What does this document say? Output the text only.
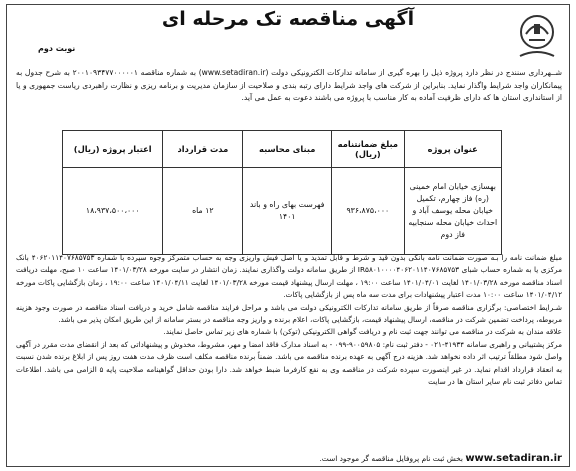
آگهی مناقصه تک مرحله ای
نوبت دوم
شــهرداری سنندج در نظر دارد پروژه ذیل را بهره گیری از سامانه تدارکات الکترونیکی دولت (www.setadiran.ir) به شماره مناقصه ۲۰۰۱۰۹۳۴۷۷۰۰۰۰۰۱ به شرح جدول به پیمانکاران واجد شرایط واگذار نماید. بنابراین از شرکت های واجد شرایط دارای رتبه بندی و صلاحیت از سازمان مدیریت و برنامه ریزی و نظارت راهبردی ریاست جمهوری و یا از استانداری استان ها که دارای ظرفیت آماده به کار مناسب با پروژه می باشند دعوت به عمل می آید.
عنوان پروژه	مبلغ ضمانتنامه (ریال)	مبنای محاسبه	مدت قرارداد	اعتبار پروژه (ریال)
بهسازی خیابان امام خمینی (ره) فاز چهارم، تکمیل خیابان محله یوسف آباد و احداث خیابان محله سنجابیه فاز دوم	۹۳۶،۸۷۵،۰۰۰	فهرست بهای راه و باند ۱۴۰۱	۱۲ ماه	۱۸،۹۳۷،۵۰۰،۰۰۰

مبلغ ضمانت نامه را بـه صورت ضمانت نامه بانکی بدون قید و شرط و قابل تمدید و یا اصل فیش واریزی وجه به حساب متمرکز وجوه سپرده با شماره ۴۰۶۲۰۱۱۴۰۷۶۸۵۷۵۳ بانک مرکزی یا به شماره حساب شبای IR۵۸۰۱۰۰۰۰۴۰۶۲۰۱۱۴۰۷۶۸۵۷۵۳ از طریق سامانه دولت واگذاری نمایند. زمان انتشار در سایت مورخه ۱۴۰۱/۰۳/۲۸ ساعت ۱۰ صبح، مهلت دریافت اسناد مناقصه مورخه ۱۴۰۱/۰۳/۲۸ لغایت ۱۴۰۱/۰۴/۰۱ ساعت ۱۹:۰۰ ، مهلت ارسال پیشنهاد قیمت مورخه ۱۴۰۱/۰۳/۲۸ لغایت ۱۴۰۱/۰۴/۱۱ ساعت ۱۹:۰۰ ، زمان بازگشایی پاکات مورخه ۱۴۰۱/۰۴/۱۲ ساعت ۱۰:۰۰ مدت اعتبار پیشنهادات برای مدت سه ماه پس از بازگشایی پاکات.

شـرایط اختصاصی: برگزاری مناقصه صرفاً از طریق سامانه تدارکات الکترونیکی دولت می باشد و مراحل فرایند مناقصه شامل خرید و دریافت اسناد مناقصه در صورت وجود هزینه مربوطه، پرداخت تضمین شرکت در مناقصه، ارسال پیشنهاد قیمت، بازگشایی پاکات، اعلام برنده و واریز وجه مناقصه در بستر سامانه از این طریق امکان پذیر می باشد.

علاقه مندان به شرکت در مناقصه می توانند جهت ثبت نام و دریافت گواهی الکترونیکی (توکن) با شماره های زیر تماس حاصل نمایند.

مرکز پشتیبانی و راهبری سامانه ۴۱۹۳۴-۰۲۱ - دفتر ثبت نام: ۹۰۰۵۹۸۰۵-۰۹۹ - به اسناد مدارک فاقد امضا و مهر، مشروط، مخدوش و پیشنهاداتی که بعد از انقضای مدت مقرر در آگهی واصل شود مطلقاً ترتیب اثر داده نخواهد شد. هزینه درج آگهی به عهده برنده مناقصه می باشد. ضمناً برنده مناقصه مکلف است ظرف مدت هفت روز پس از ابلاغ برنده شدن نسبت به انعقاد قرارداد اقدام نماید. در غیر اینصورت سپرده شرکت در مناقصه وی به نفع کارفرما ضبط خواهد شد. دارا بودن حداقل گواهینامه صلاحیت پایه ۵ الزامی می باشد. اطلاعات تماس دفاتر ثبت نام سایر استان ها در سایت

www.setadiran.ir بخش ثبت نام پروفایل مناقصه گر موجود است.
